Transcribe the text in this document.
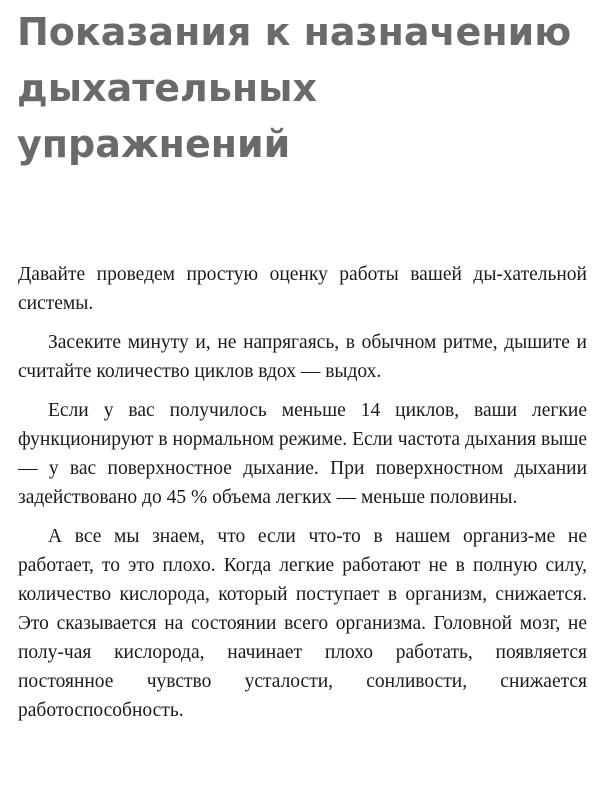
Показания к назначению
дыхательных
упражнений

Давайте проведем простую оценку работы вашей ды-хательной системы.

Засеките минуту и, не напрягаясь, в обычном ритме, дышите и считайте количество циклов вдох — выдох.

Если у вас получилось меньше 14 циклов, ваши легкие функционируют в нормальном режиме. Если частота дыхания выше — у вас поверхностное дыхание. При поверхностном дыхании задействовано до 45 % объема легких — меньше половины.

А все мы знаем, что если что-то в нашем организ-ме не работает, то это плохо. Когда легкие работают не в полную силу, количество кислорода, который поступает в организм, снижается. Это сказывается на состоянии всего организма. Головной мозг, не полу-чая кислорода, начинает плохо работать, появляется постоянное чувство усталости, сонливости, снижается работоспособность.
